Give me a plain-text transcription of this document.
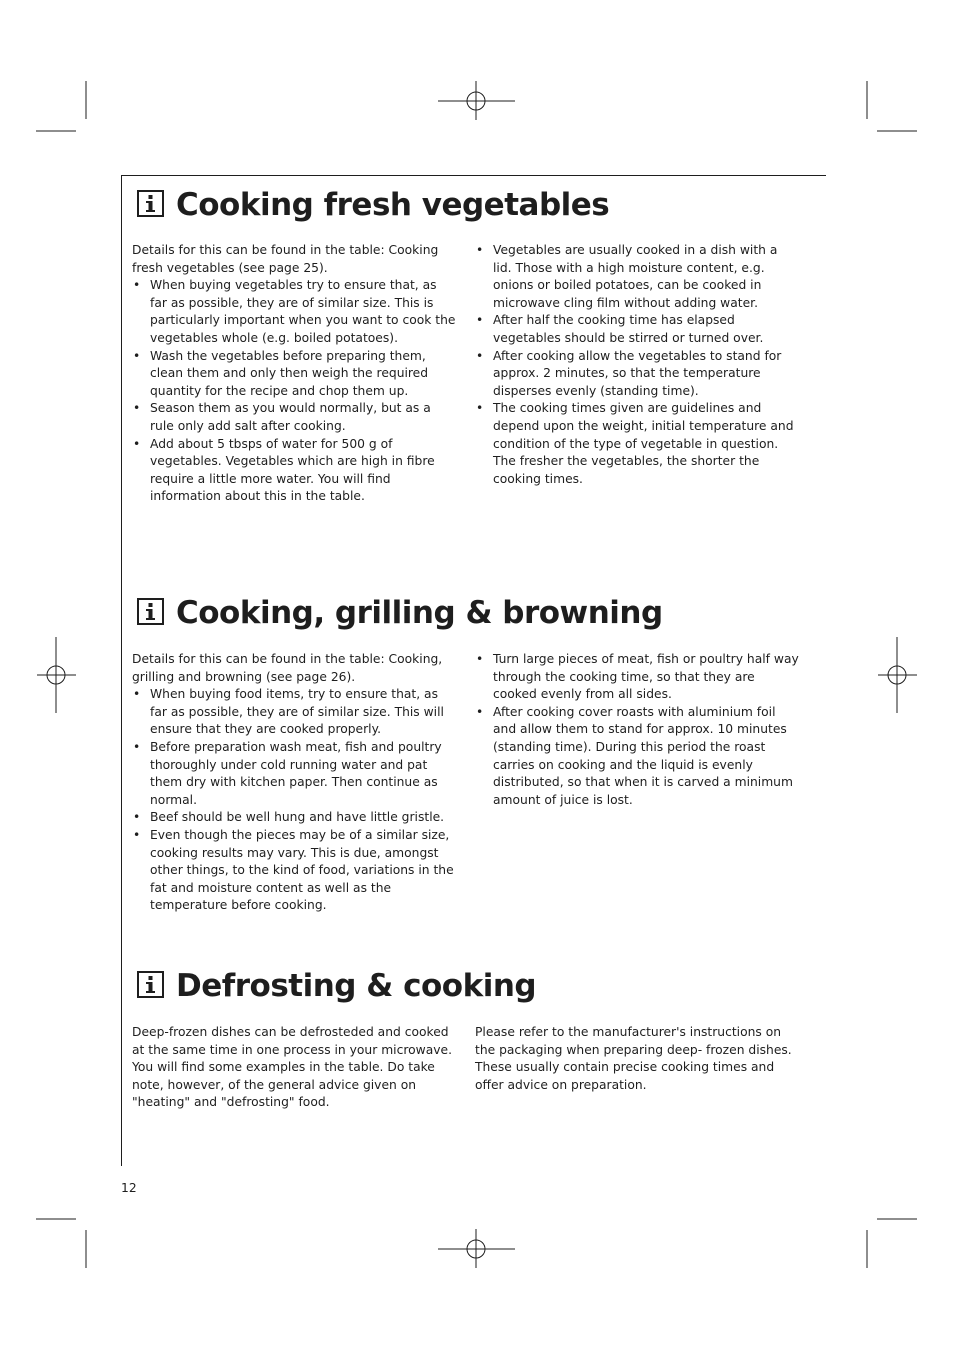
Cooking fresh vegetables

Details for this can be found in the table: Cooking fresh vegetables (see page 25).

• When buying vegetables try to ensure that, as far as possible, they are of similar size. This is particularly important when you want to cook the vegetables whole (e.g. boiled potatoes).
• Wash the vegetables before preparing them, clean them and only then weigh the required quantity for the recipe and chop them up.
• Season them as you would normally, but as a rule only add salt after cooking.
• Add about 5 tbsps of water for 500 g of vegetables. Vegetables which are high in fibre require a little more water. You will find information about this in the table.
• Vegetables are usually cooked in a dish with a lid. Those with a high moisture content, e.g. onions or boiled potatoes, can be cooked in microwave cling film without adding water.
• After half the cooking time has elapsed vegetables should be stirred or turned over.
• After cooking allow the vegetables to stand for approx. 2 minutes, so that the temperature disperses evenly (standing time).
• The cooking times given are guidelines and depend upon the weight, initial temperature and condition of the type of vegetable in question. The fresher the vegetables, the shorter the cooking times.
Cooking, grilling & browning

Details for this can be found in the table: Cooking, grilling and browning (see page 26).

• When buying food items, try to ensure that, as far as possible, they are of similar size. This will ensure that they are cooked properly.
• Before preparation wash meat, fish and poultry thoroughly under cold running water and pat them dry with kitchen paper. Then continue as normal.
• Beef should be well hung and have little gristle.
• Even though the pieces may be of a similar size, cooking results may vary. This is due, amongst other things, to the kind of food, variations in the fat and moisture content as well as the temperature before cooking.
• Turn large pieces of meat, fish or poultry half way through the cooking time, so that they are cooked evenly from all sides.
• After cooking cover roasts with aluminium foil and allow them to stand for approx. 10 minutes (standing time). During this period the roast carries on cooking and the liquid is evenly distributed, so that when it is carved a minimum amount of juice is lost.
Defrosting & cooking

Deep-frozen dishes can be defrosteded and cooked at the same time in one process in your microwave. You will find some examples in the table. Do take note, however, of the general advice given on "heating" and "defrosting" food.

Please refer to the manufacturer's instructions on the packaging when preparing deep- frozen dishes. These usually contain precise cooking times and offer advice on preparation.

12
